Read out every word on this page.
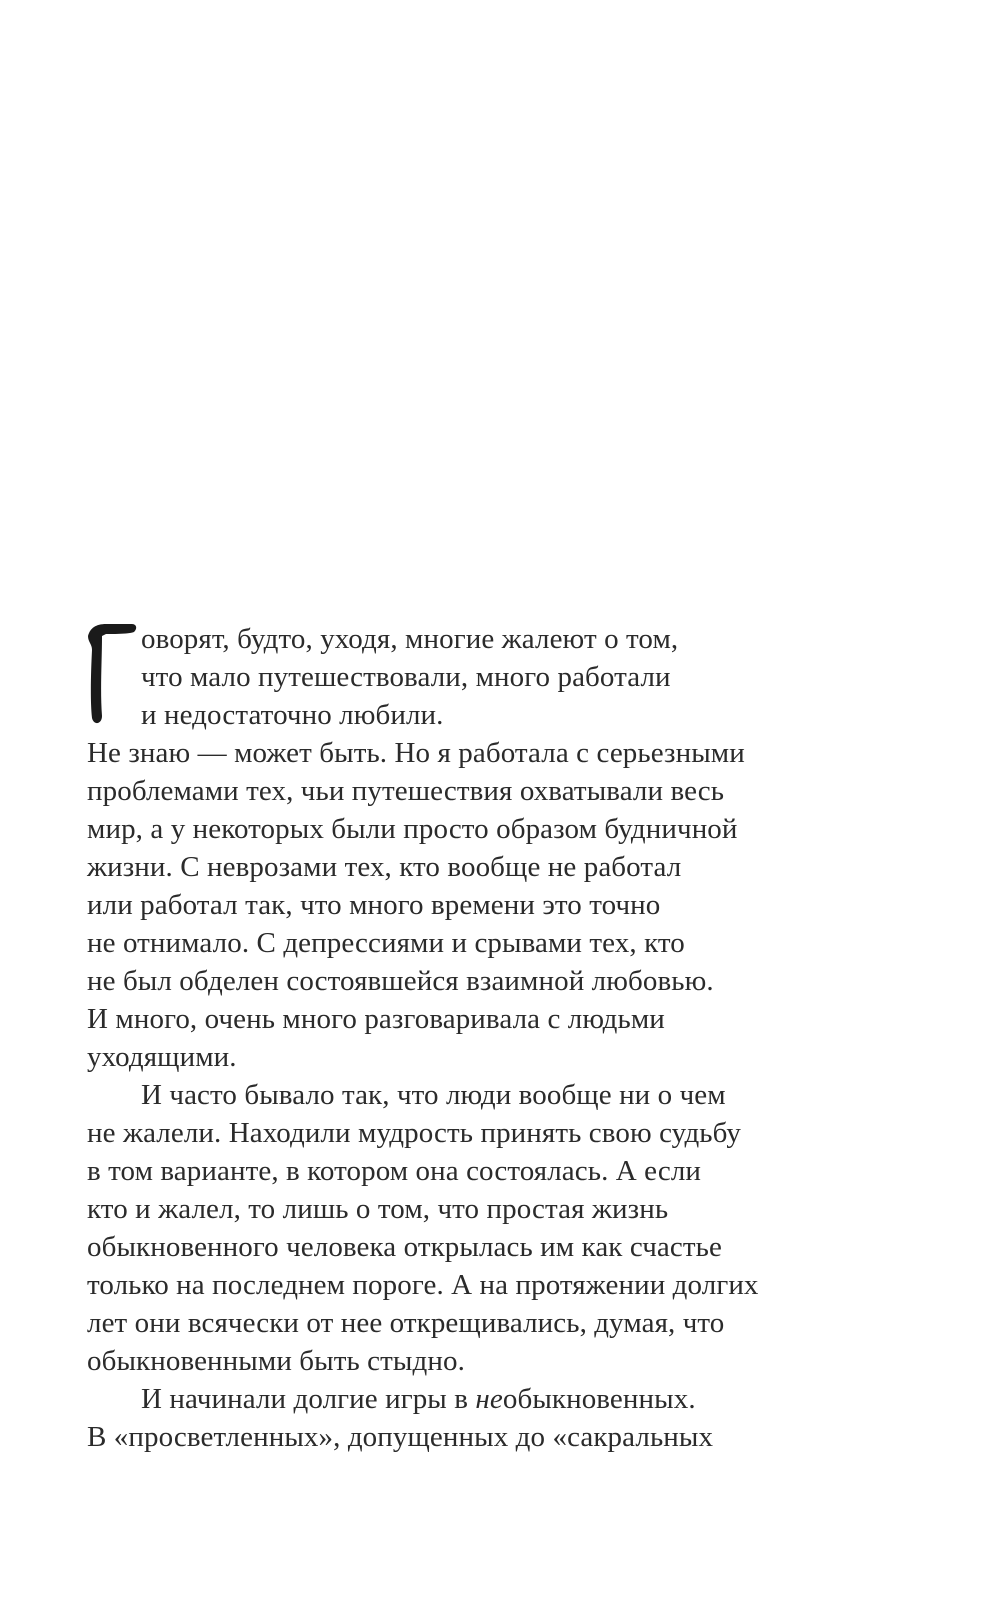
оворят, будто, уходя, многие жалеют о том,
что мало путешествовали, много работали
и недостаточно любили.
Не знаю — может быть. Но я работала с серьезными
проблемами тех, чьи путешествия охватывали весь
мир, а у некоторых были просто образом будничной
жизни. С неврозами тех, кто вообще не работал
или работал так, что много времени это точно
не отнимало. С депрессиями и срывами тех, кто
не был обделен состоявшейся взаимной любовью.
И много, очень много разговаривала с людьми
уходящими.
И часто бывало так, что люди вообще ни о чем
не жалели. Находили мудрость принять свою судьбу
в том варианте, в котором она состоялась. А если
кто и жалел, то лишь о том, что простая жизнь
обыкновенного человека открылась им как счастье
только на последнем пороге. А на протяжении долгих
лет они всячески от нее открещивались, думая, что
обыкновенными быть стыдно.
И начинали долгие игры в необыкновенных.
В «просветленных», допущенных до «сакральных
